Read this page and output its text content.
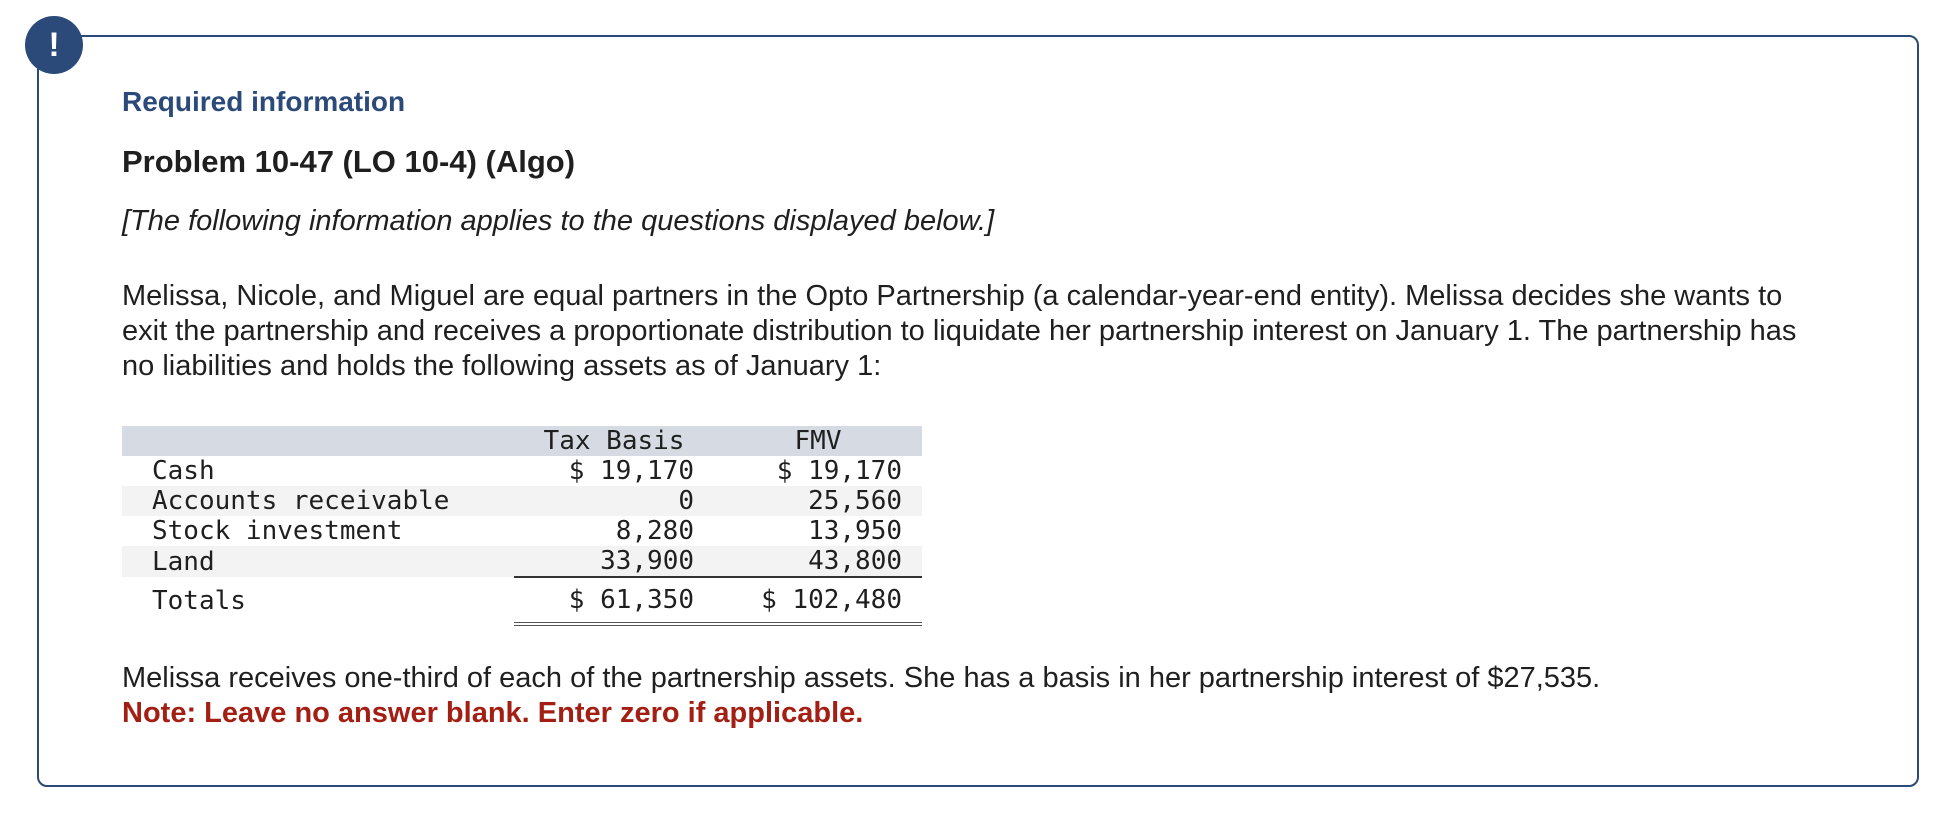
!
Required information
Problem 10-47 (LO 10-4) (Algo)
[The following information applies to the questions displayed below.]
Melissa, Nicole, and Miguel are equal partners in the Opto Partnership (a calendar-year-end entity). Melissa decides she wants to exit the partnership and receives a proportionate distribution to liquidate her partnership interest on January 1. The partnership has no liabilities and holds the following assets as of January 1:
	Tax Basis	FMV
Cash	$ 19,170	$ 19,170
Accounts receivable	0	25,560
Stock investment	8,280	13,950
Land	33,900	43,800
Totals	$ 61,350	$ 102,480
Melissa receives one-third of each of the partnership assets. She has a basis in her partnership interest of $27,535.
Note: Leave no answer blank. Enter zero if applicable.
